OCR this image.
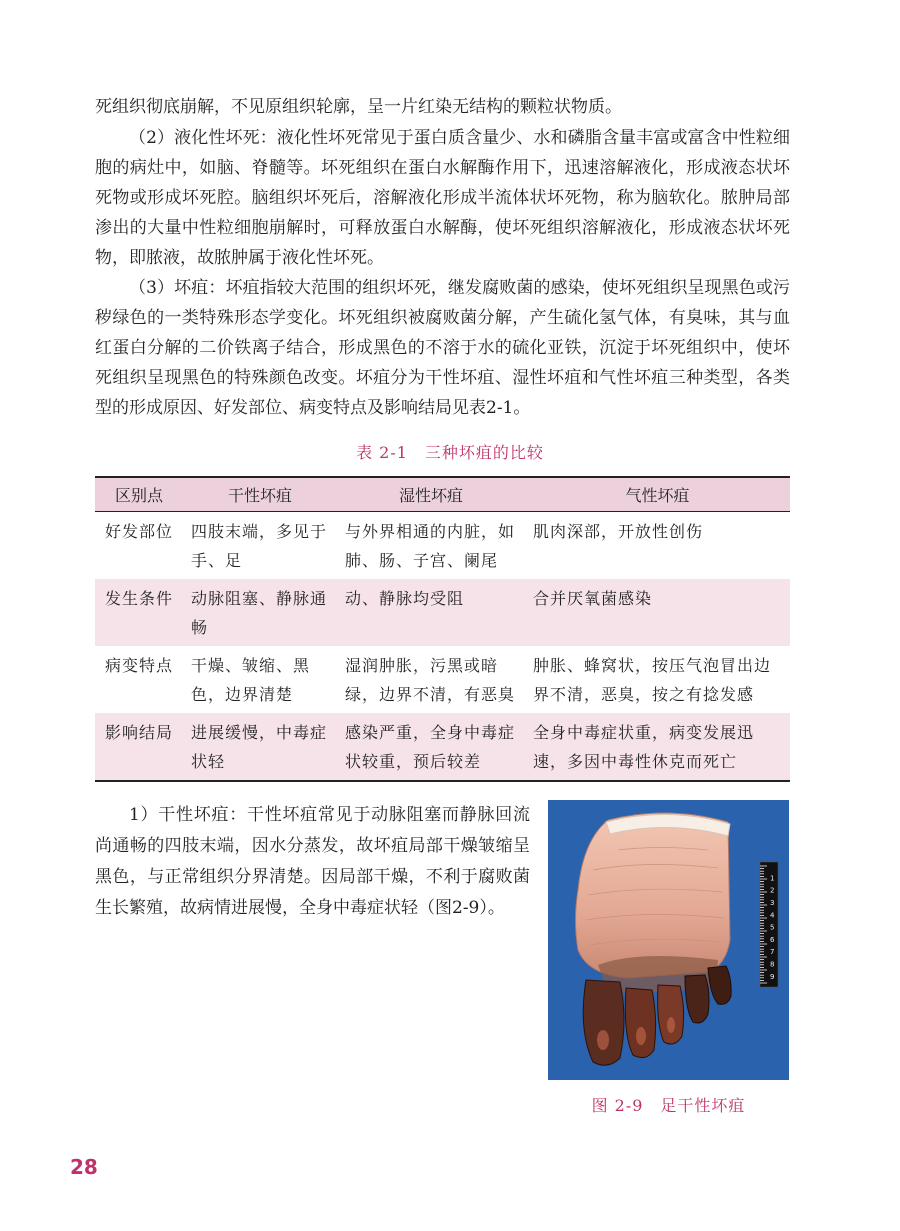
死组织彻底崩解，不见原组织轮廓，呈一片红染无结构的颗粒状物质。

（2）液化性坏死：液化性坏死常见于蛋白质含量少、水和磷脂含量丰富或富含中性粒细胞的病灶中，如脑、脊髓等。坏死组织在蛋白水解酶作用下，迅速溶解液化，形成液态状坏死物或形成坏死腔。脑组织坏死后，溶解液化形成半流体状坏死物，称为脑软化。脓肿局部渗出的大量中性粒细胞崩解时，可释放蛋白水解酶，使坏死组织溶解液化，形成液态状坏死物，即脓液，故脓肿属于液化性坏死。

（3）坏疽：坏疽指较大范围的组织坏死，继发腐败菌的感染，使坏死组织呈现黑色或污秽绿色的一类特殊形态学变化。坏死组织被腐败菌分解，产生硫化氢气体，有臭味，其与血红蛋白分解的二价铁离子结合，形成黑色的不溶于水的硫化亚铁，沉淀于坏死组织中，使坏死组织呈现黑色的特殊颜色改变。坏疽分为干性坏疽、湿性坏疽和气性坏疽三种类型，各类型的形成原因、好发部位、病变特点及影响结局见表2-1。

表 2-1　三种坏疽的比较
区别点	干性坏疽	湿性坏疽	气性坏疽
好发部位	四肢末端，多见于手、足	与外界相通的内脏，如肺、肠、子宫、阑尾	肌肉深部，开放性创伤
发生条件	动脉阻塞、静脉通畅	动、静脉均受阻	合并厌氧菌感染
病变特点	干燥、皱缩、黑色，边界清楚	湿润肿胀，污黑或暗绿，边界不清，有恶臭	肿胀、蜂窝状，按压气泡冒出边界不清，恶臭，按之有捻发感
影响结局	进展缓慢，中毒症状轻	感染严重，全身中毒症状较重，预后较差	全身中毒症状重，病变发展迅速，多因中毒性休克而死亡

1）干性坏疽：干性坏疽常见于动脉阻塞而静脉回流尚通畅的四肢末端，因水分蒸发，故坏疽局部干燥皱缩呈黑色，与正常组织分界清楚。因局部干燥，不利于腐败菌生长繁殖，故病情进展慢，全身中毒症状轻（图2-9）。

1
2
3
4
5
6
7
8
9
图 2-9　足干性坏疽
28
